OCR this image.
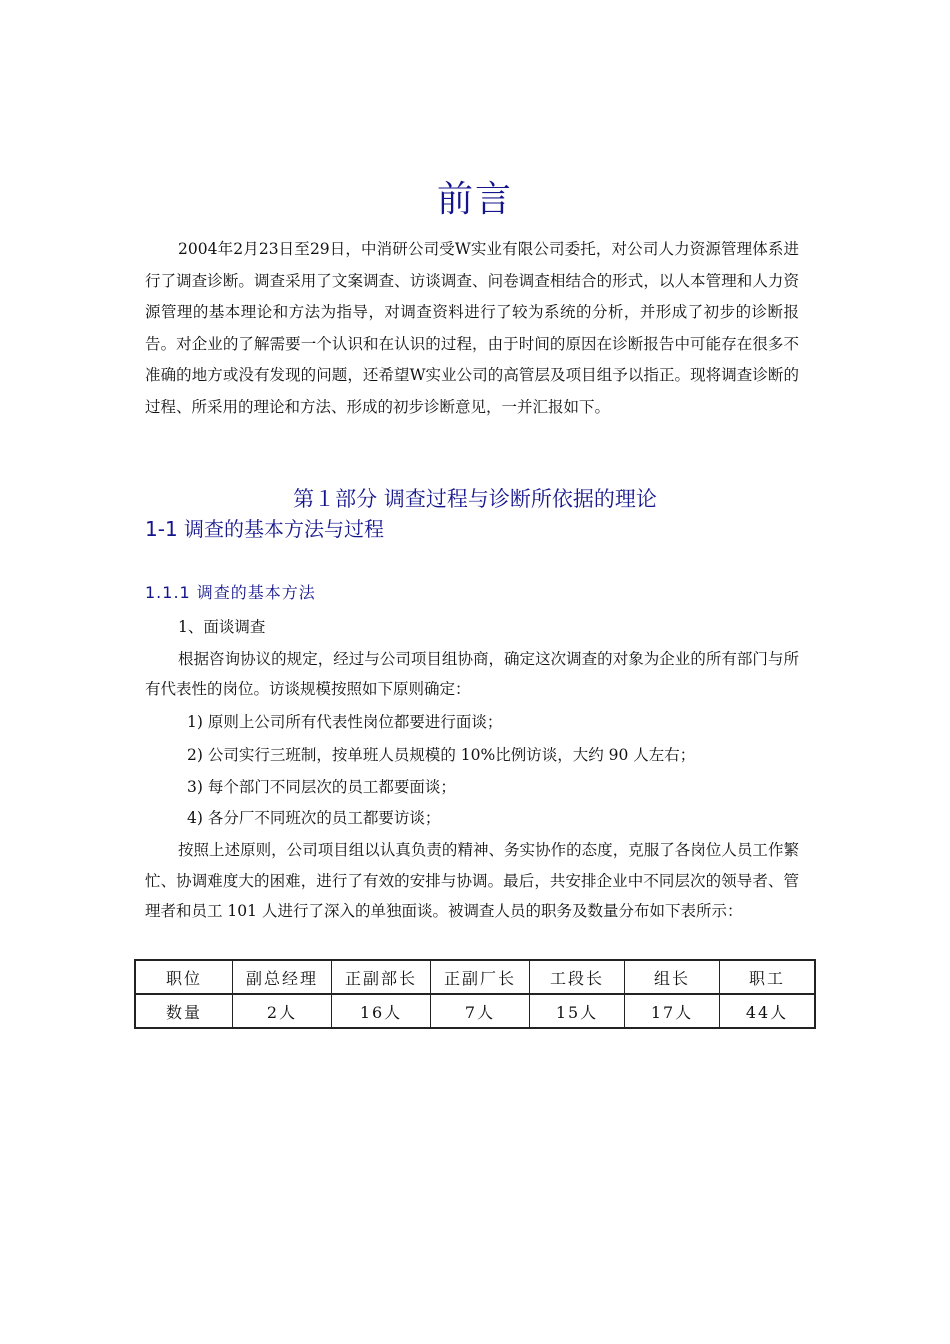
前言

2004年2月23日至29日，中消研公司受W实业有限公司委托，对公司人力资源管理体系进行了调查诊断。调查采用了文案调查、访谈调查、问卷调查相结合的形式，以人本管理和人力资源管理的基本理论和方法为指导，对调查资料进行了较为系统的分析，并形成了初步的诊断报告。对企业的了解需要一个认识和在认识的过程，由于时间的原因在诊断报告中可能存在很多不准确的地方或没有发现的问题，还希望W实业公司的高管层及项目组予以指正。现将调查诊断的过程、所采用的理论和方法、形成的初步诊断意见，一并汇报如下。

第１部分 调查过程与诊断所依据的理论
1-1 调查的基本方法与过程
1.1.1 调查的基本方法
1、面谈调查

根据咨询协议的规定，经过与公司项目组协商，确定这次调查的对象为企业的所有部门与所有代表性的岗位。访谈规模按照如下原则确定：

1) 原则上公司所有代表性岗位都要进行面谈；
2) 公司实行三班制，按单班人员规模的 10%比例访谈，大约 90 人左右；
3) 每个部门不同层次的员工都要面谈；
4) 各分厂不同班次的员工都要访谈；

按照上述原则，公司项目组以认真负责的精神、务实协作的态度，克服了各岗位人员工作繁忙、协调难度大的困难，进行了有效的安排与协调。最后，共安排企业中不同层次的领导者、管理者和员工 101 人进行了深入的单独面谈。被调查人员的职务及数量分布如下表所示：

职位	副总经理	正副部长	正副厂长	工段长	组长	职工
数量	2人	16人	7人	15人	17人	44人
